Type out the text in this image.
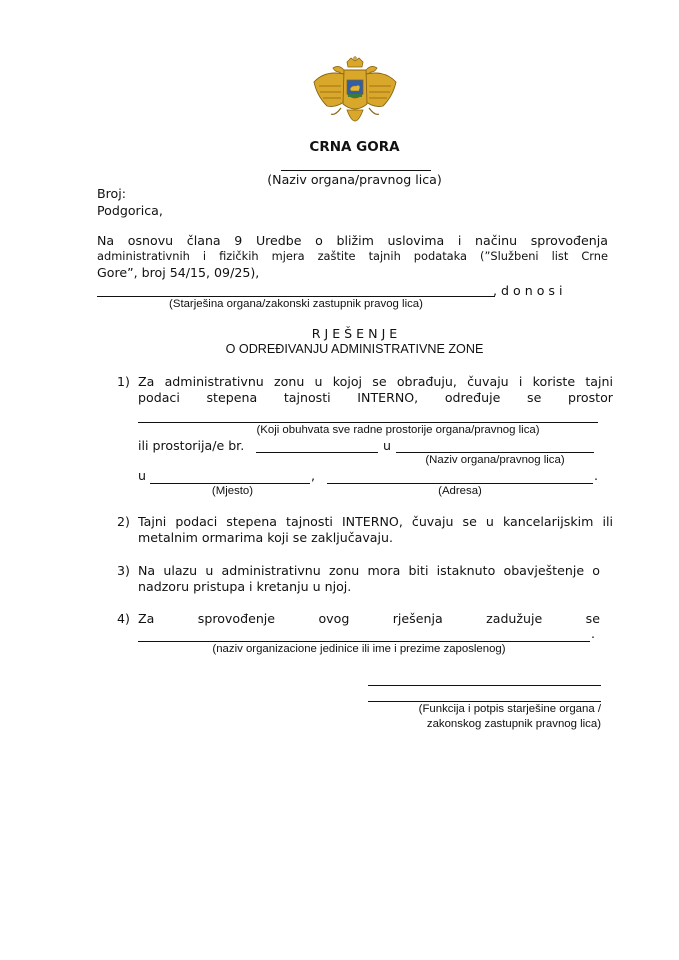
CRNA GORA
(Naziv organa/pravnog lica)
Broj:
Podgorica,
Na osnovu člana 9 Uredbe o bližim uslovima i načinu sprovođenja
administrativnih i fizičkih mjera zaštite tajnih podataka (”Službeni list Crne
Gore”, broj 54/15, 09/25),
, d o n o s i
(Starješina organa/zakonski zastupnik pravog lica)
R J E Š E N J E
O ODREĐIVANJU ADMINISTRATIVNE ZONE
1) Za administrativnu zonu u kojoj se obrađuju, čuvaju i koriste tajni
podaci stepena tajnosti INTERNO, određuje se prostor
(Koji obuhvata sve radne prostorije organa/pravnog lica)
ili prostorija/e br.	u
(Naziv organa/pravnog lica)
u	,	.
(Mjesto)	(Adresa)
2) Tajni podaci stepena tajnosti INTERNO, čuvaju se u kancelarijskim ili
metalnim ormarima koji se zaključavaju.
3) Na ulazu u administrativnu zonu mora biti istaknuto obavještenje o
nadzoru pristupa i kretanju u njoj.
4) Za sprovođenje ovog rješenja zadužuje se
.
(naziv organizacione jedinice ili ime i prezime zaposlenog)
(Funkcija i potpis starješine organa /
zakonskog zastupnik pravnog lica)
